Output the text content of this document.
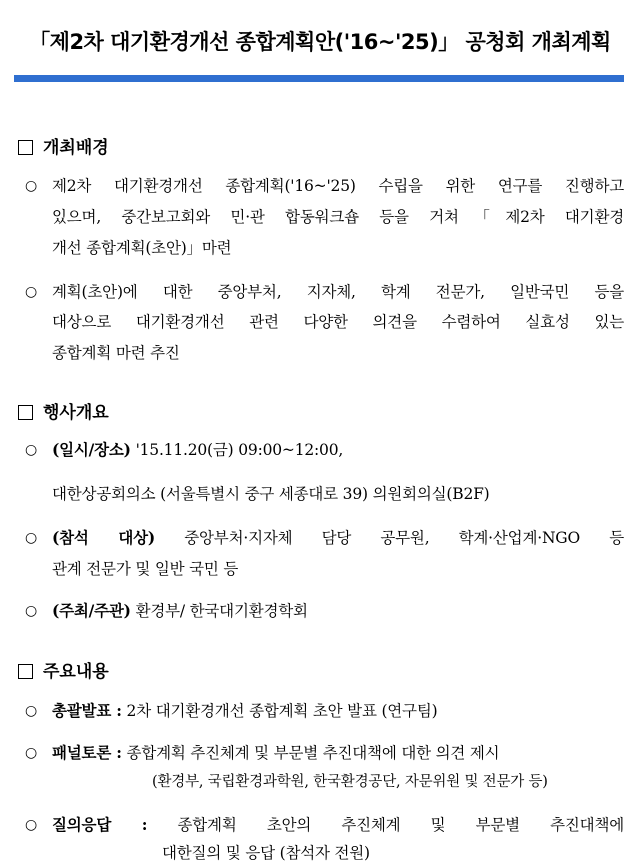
「제2차 대기환경개선 종합계획안('16~'25)」 공청회 개최계획
개최배경
○ 제2차 대기환경개선 종합계획('16~'25) 수립을 위한 연구를 진행하고
있으며, 중간보고회와 민·관 합동워크숍 등을 거쳐「제2차 대기환경
개선 종합계획(초안)」마련
○ 계획(초안)에 대한 중앙부처, 지자체, 학계 전문가, 일반국민 등을
대상으로 대기환경개선 관련 다양한 의견을 수렴하여 실효성 있는
종합계획 마련 추진
행사개요
○ (일시/장소) '15.11.20(금) 09:00~12:00,
대한상공회의소 (서울특별시 중구 세종대로 39) 의원회의실(B2F)
○ (참석 대상) 중앙부처·지자체 담당 공무원, 학계·산업계·NGO 등
관계 전문가 및 일반 국민 등
○ (주최/주관) 환경부/ 한국대기환경학회
주요내용
○ 총괄발표 : 2차 대기환경개선 종합계획 초안 발표 (연구팀)
○ 패널토론 : 종합계획 추진체계 및 부문별 추진대책에 대한 의견 제시
(환경부, 국립환경과학원, 한국환경공단, 자문위원 및 전문가 등)
○ 질의응답 : 종합계획 초안의 추진체계 및 부문별 추진대책에
대한질의 및 응답 (참석자 전원)
